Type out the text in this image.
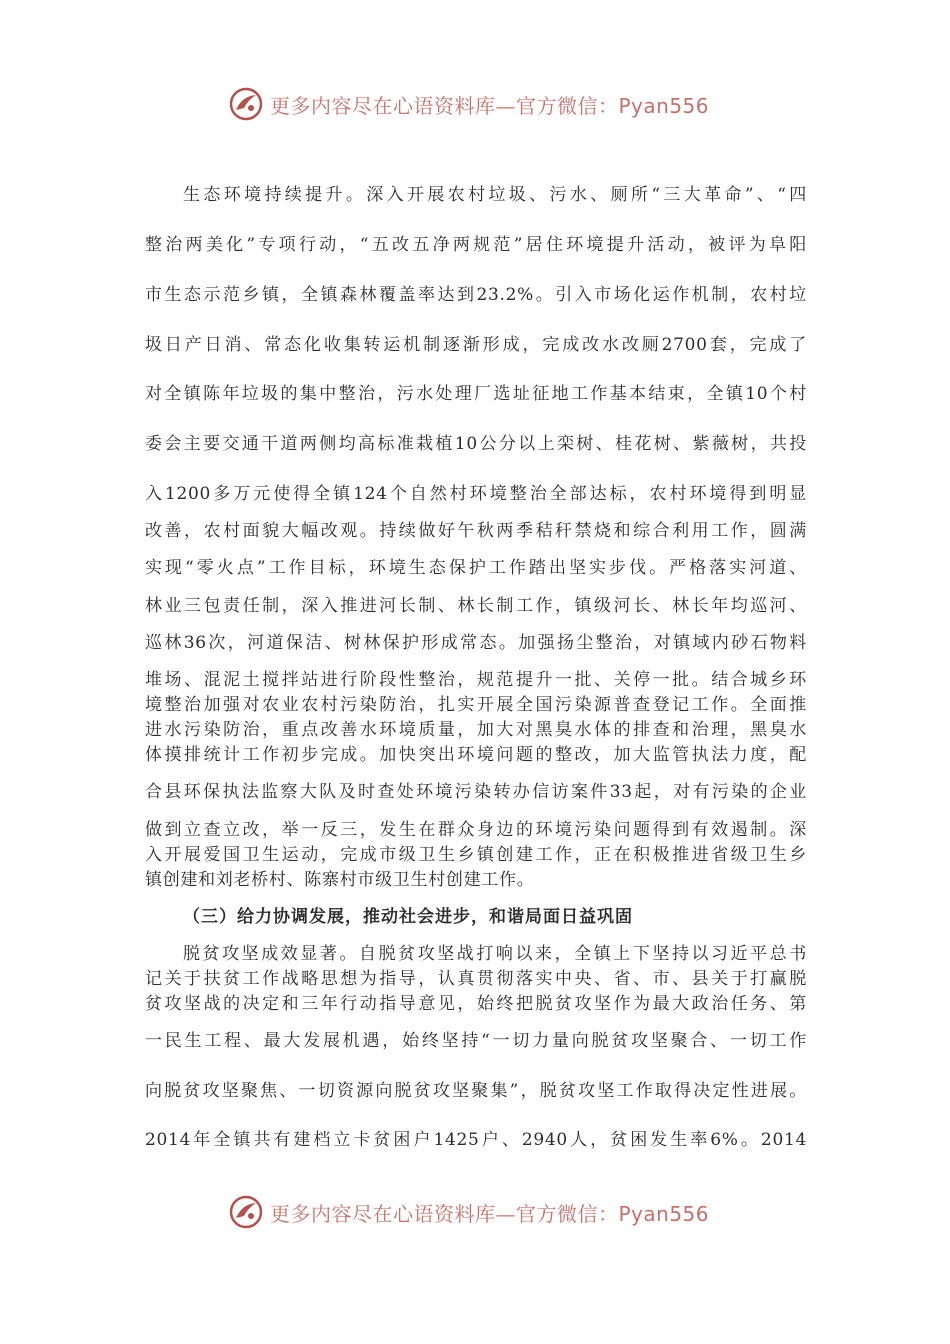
更多内容尽在心语资料库—官方微信：Pyan556
生态环境持续提升。深入开展农村垃圾、污水、厕所“三大革命”、“四
整治两美化”专项行动，“五改五净两规范”居住环境提升活动，被评为阜阳
市生态示范乡镇，全镇森林覆盖率达到23.2%。引入市场化运作机制，农村垃
圾日产日消、常态化收集转运机制逐渐形成，完成改水改厕2700套，完成了
对全镇陈年垃圾的集中整治，污水处理厂选址征地工作基本结束，全镇10个村
委会主要交通干道两侧均高标准栽植10公分以上栾树、桂花树、紫薇树，共投
入1200多万元使得全镇124个自然村环境整治全部达标，农村环境得到明显
改善，农村面貌大幅改观。持续做好午秋两季秸秆禁烧和综合利用工作，圆满
实现“零火点”工作目标，环境生态保护工作踏出坚实步伐。严格落实河道、
林业三包责任制，深入推进河长制、林长制工作，镇级河长、林长年均巡河、
巡林36次，河道保洁、树林保护形成常态。加强扬尘整治，对镇域内砂石物料
堆场、混泥土搅拌站进行阶段性整治，规范提升一批、关停一批。结合城乡环
境整治加强对农业农村污染防治，扎实开展全国污染源普查登记工作。全面推
进水污染防治，重点改善水环境质量，加大对黑臭水体的排查和治理，黑臭水
体摸排统计工作初步完成。加快突出环境问题的整改，加大监管执法力度，配
合县环保执法监察大队及时查处环境污染转办信访案件33起，对有污染的企业
做到立查立改，举一反三，发生在群众身边的环境污染问题得到有效遏制。深
入开展爱国卫生运动，完成市级卫生乡镇创建工作，正在积极推进省级卫生乡
镇创建和刘老桥村、陈寨村市级卫生村创建工作。
（三）给力协调发展，推动社会进步，和谐局面日益巩固
脱贫攻坚成效显著。自脱贫攻坚战打响以来，全镇上下坚持以习近平总书
记关于扶贫工作战略思想为指导，认真贯彻落实中央、省、市、县关于打赢脱
贫攻坚战的决定和三年行动指导意见，始终把脱贫攻坚作为最大政治任务、第
一民生工程、最大发展机遇，始终坚持“一切力量向脱贫攻坚聚合、一切工作
向脱贫攻坚聚焦、一切资源向脱贫攻坚聚集”，脱贫攻坚工作取得决定性进展。
2014年全镇共有建档立卡贫困户1425户、2940人，贫困发生率6%。2014
更多内容尽在心语资料库—官方微信：Pyan556
